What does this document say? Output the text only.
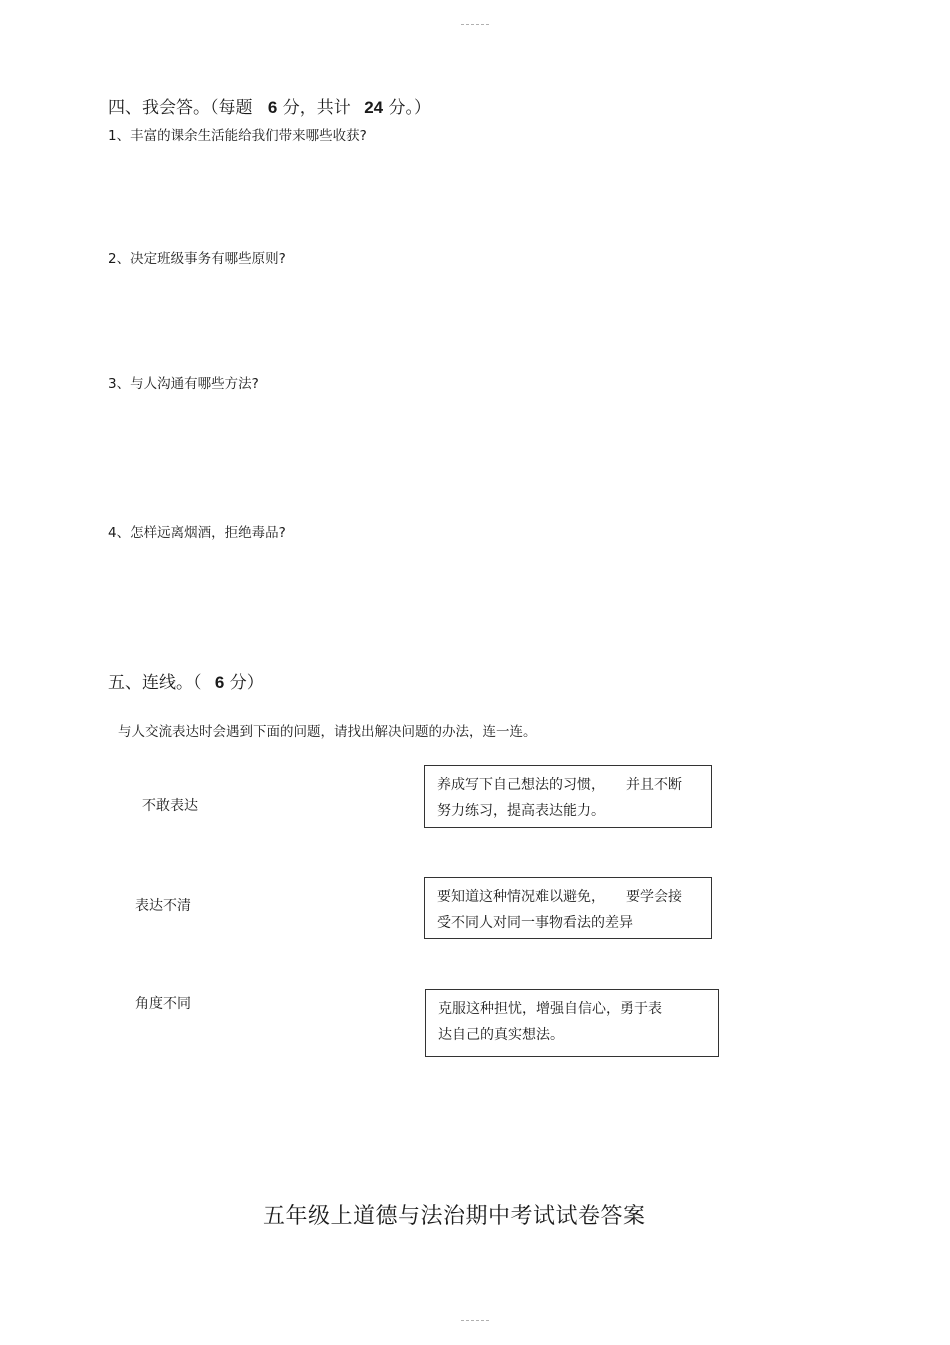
四、我会答。（每题 6 分，共计 24 分。）
1、丰富的课余生活能给我们带来哪些收获?
2、决定班级事务有哪些原则?
3、与人沟通有哪些方法?
4、怎样远离烟酒，拒绝毒品?
五、连线。（ 6 分）
与人交流表达时会遇到下面的问题，请找出解决问题的办法，连一连。
不敢表达
表达不清
角度不同
养成写下自己想法的习惯，　　并且不断
努力练习，提高表达能力。
要知道这种情况难以避免，　　要学会接
受不同人对同一事物看法的差异
克服这种担忧，增强自信心，勇于表
达自己的真实想法。
五年级上道德与法治期中考试试卷答案
